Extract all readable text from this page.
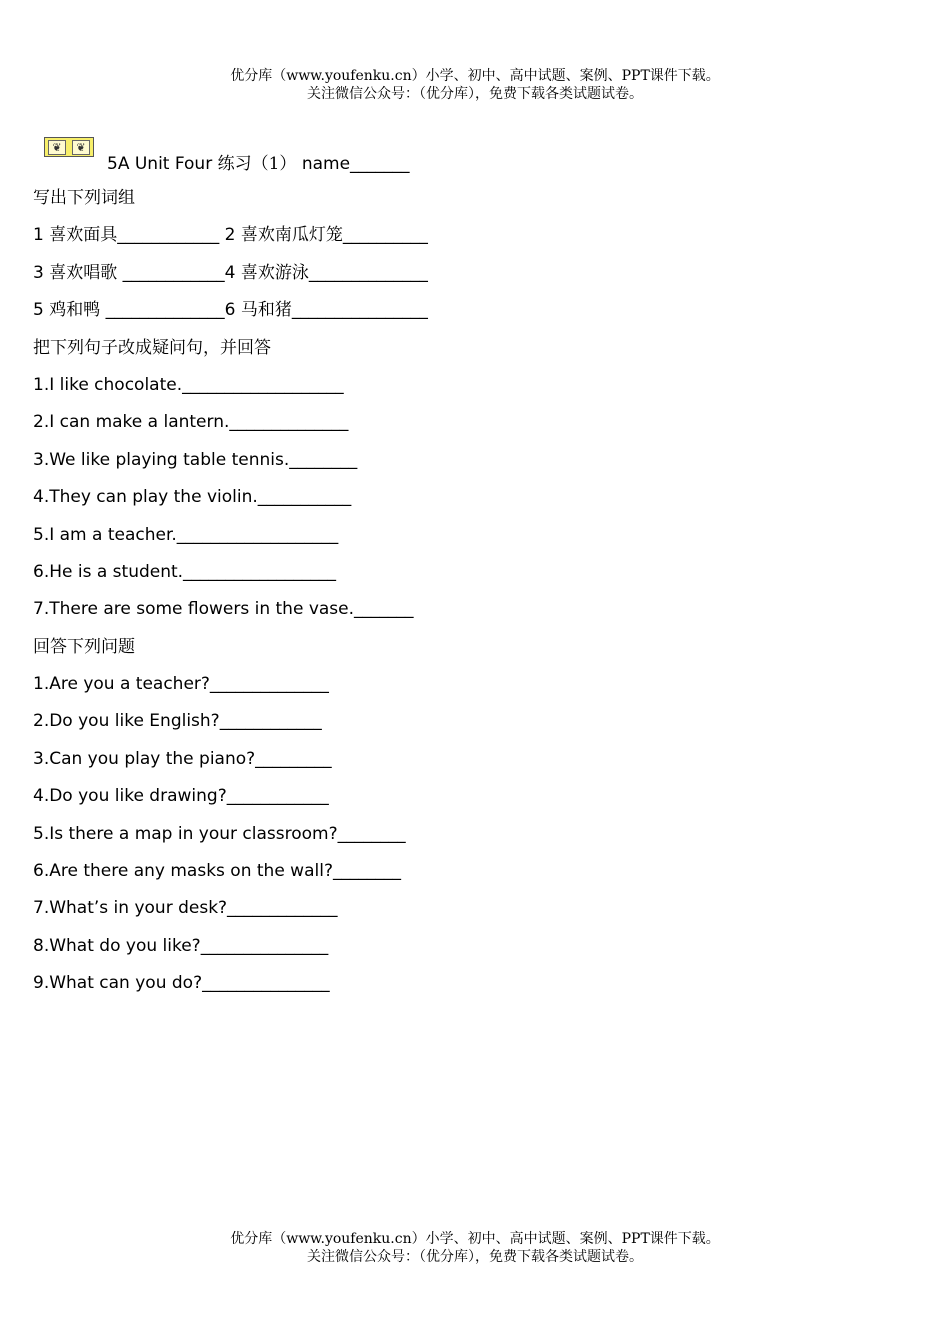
优分库（www.youfenku.cn）小学、初中、高中试题、案例、PPT课件下载。
关注微信公众号：（优分库），免费下载各类试题试卷。
❦	❦
5A Unit Four 练习（1） name_______
写出下列词组
1 喜欢面具____________ 2 喜欢南瓜灯笼__________
3 喜欢唱歌 ____________4 喜欢游泳______________
5 鸡和鸭 ______________6 马和猪________________
把下列句子改成疑问句，并回答
1.I like chocolate.___________________
2.I can make a lantern.______________
3.We like playing table tennis.________
4.They can play the violin.___________
5.I am a teacher.___________________
6.He is a student.__________________
7.There are some flowers in the vase._______
回答下列问题
1.Are you a teacher?______________
2.Do you like English?____________
3.Can you play the piano?_________
4.Do you like drawing?____________
5.Is there a map in your classroom?________
6.Are there any masks on the wall?________
7.What’s in your desk?_____________
8.What do you like?_______________
9.What can you do?_______________
优分库（www.youfenku.cn）小学、初中、高中试题、案例、PPT课件下载。
关注微信公众号：（优分库），免费下载各类试题试卷。
